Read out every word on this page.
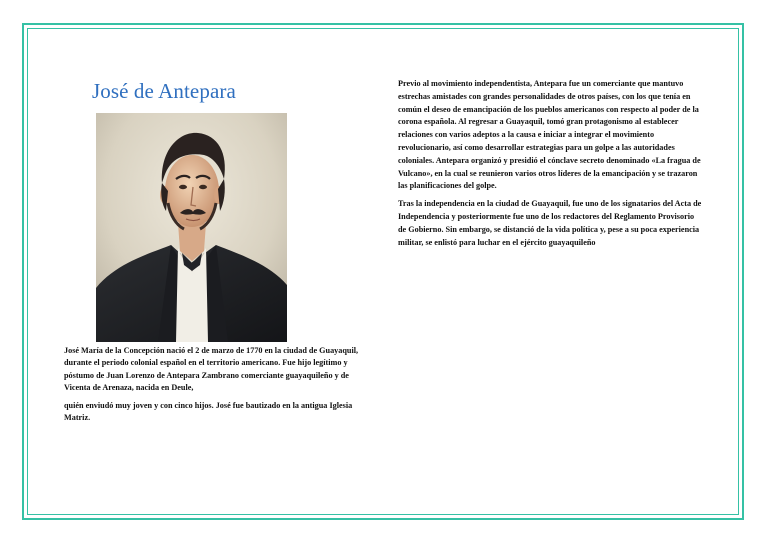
José de Antepara

José María de la Concepción nació el 2 de marzo de 1770 en la ciudad de Guayaquil, durante el periodo colonial español en el territorio americano. Fue hijo legítimo y póstumo de Juan Lorenzo de Antepara Zambrano comerciante guayaquileño y de Vicenta de Arenaza, nacida en Deule,

quién enviudó muy joven y con cinco hijos. José fue bautizado en la antigua Iglesia Matriz.

Previo al movimiento independentista, Antepara fue un comerciante que mantuvo estrechas amistades con grandes personalidades de otros países, con los que tenía en común el deseo de emancipación de los pueblos americanos con respecto al poder de la corona española. Al regresar a Guayaquil, tomó gran protagonismo al establecer relaciones con varios adeptos a la causa e iniciar a integrar el movimiento revolucionario, así como desarrollar estrategias para un golpe a las autoridades coloniales. Antepara organizó y presidió el cónclave secreto denominado «La fragua de Vulcano», en la cual se reunieron varios otros líderes de la emancipación y se trazaron las planificaciones del golpe.

Tras la independencia en la ciudad de Guayaquil, fue uno de los signatarios del Acta de Independencia y posteriormente fue uno de los redactores del Reglamento Provisorio de Gobierno. Sin embargo, se distanció de la vida política y, pese a su poca experiencia militar, se enlistó para luchar en el ejército guayaquileño
